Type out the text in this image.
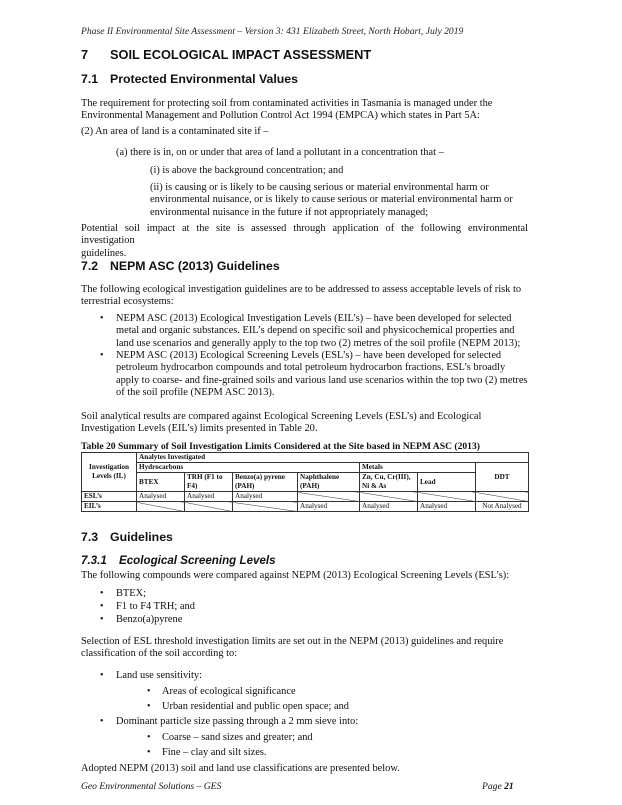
Phase II Environmental Site Assessment – Version 3: 431 Elizabeth Street, North Hobart, July 2019
7 SOIL ECOLOGICAL IMPACT ASSESSMENT
7.1 Protected Environmental Values
The requirement for protecting soil from contaminated activities in Tasmania is managed under the
Environmental Management and Pollution Control Act 1994 (EMPCA) which states in Part 5A:
(2) An area of land is a contaminated site if –
(a) there is in, on or under that area of land a pollutant in a concentration that –
(i) is above the background concentration; and
(ii) is causing or is likely to be causing serious or material environmental harm or
environmental nuisance, or is likely to cause serious or material environmental harm or
environmental nuisance in the future if not appropriately managed;
Potential soil impact at the site is assessed through application of the following environmental investigation
guidelines.
7.2 NEPM ASC (2013) Guidelines
The following ecological investigation guidelines are to be addressed to assess acceptable levels of risk to
terrestrial ecosystems:
• NEPM ASC (2013) Ecological Investigation Levels (EIL’s) – have been developed for selected
metal and organic substances. EIL’s depend on specific soil and physicochemical properties and
land use scenarios and generally apply to the top two (2) metres of the soil profile (NEPM 2013);
• NEPM ASC (2013) Ecological Screening Levels (ESL’s) – have been developed for selected
petroleum hydrocarbon compounds and total petroleum hydrocarbon fractions. ESL’s broadly
apply to coarse- and fine-grained soils and various land use scenarios within the top two (2) metres
of the soil profile (NEPM ASC 2013).
Soil analytical results are compared against Ecological Screening Levels (ESL’s) and Ecological
Investigation Levels (EIL’s) limits presented in Table 20.
Table 20 Summary of Soil Investigation Limits Considered at the Site based in NEPM ASC (2013)
Investigation Levels (IL)	Analytes Investigated						
	Hydrocarbons				Metals		DDT
	BTEX	TRH (F1 to F4)	Benzo(a) pyrene (PAH)	Naphthalene (PAH)	Zn, Cu, Cr(III), Ni & As	Lead	
ESL’s	Analysed	Analysed	Analysed				
EIL’s				Analysed	Analysed	Analysed	Not Analysed
7.3 Guidelines
7.3.1 Ecological Screening Levels
The following compounds were compared against NEPM (2013) Ecological Screening Levels (ESL’s):
• BTEX;
• F1 to F4 TRH; and
• Benzo(a)pyrene
Selection of ESL threshold investigation limits are set out in the NEPM (2013) guidelines and require
classification of the soil according to:
• Land use sensitivity:
• Areas of ecological significance
• Urban residential and public open space; and
• Dominant particle size passing through a 2 mm sieve into:
• Coarse – sand sizes and greater; and
• Fine – clay and silt sizes.
Adopted NEPM (2013) soil and land use classifications are presented below.
Geo Environmental Solutions – GES	Page 21
